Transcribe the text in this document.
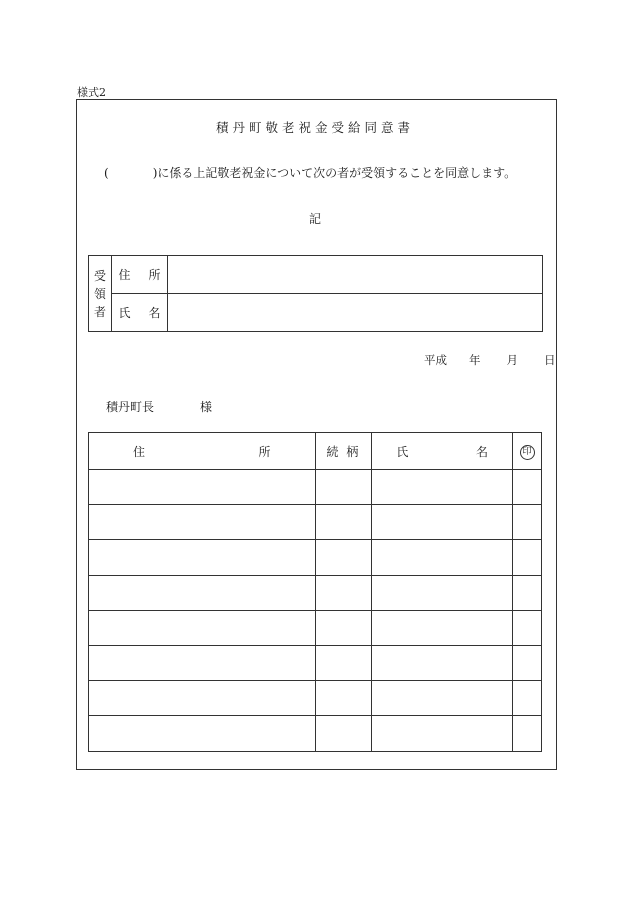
様式2
積丹町敬老祝金受給同意書
(	)に係る上記敬老祝金について次の者が受領することを同意します。
記
受
領
者	住 所	
	氏 名	
平成 年 月 日
積丹町長	様
住 所	続 柄	氏 名	印
